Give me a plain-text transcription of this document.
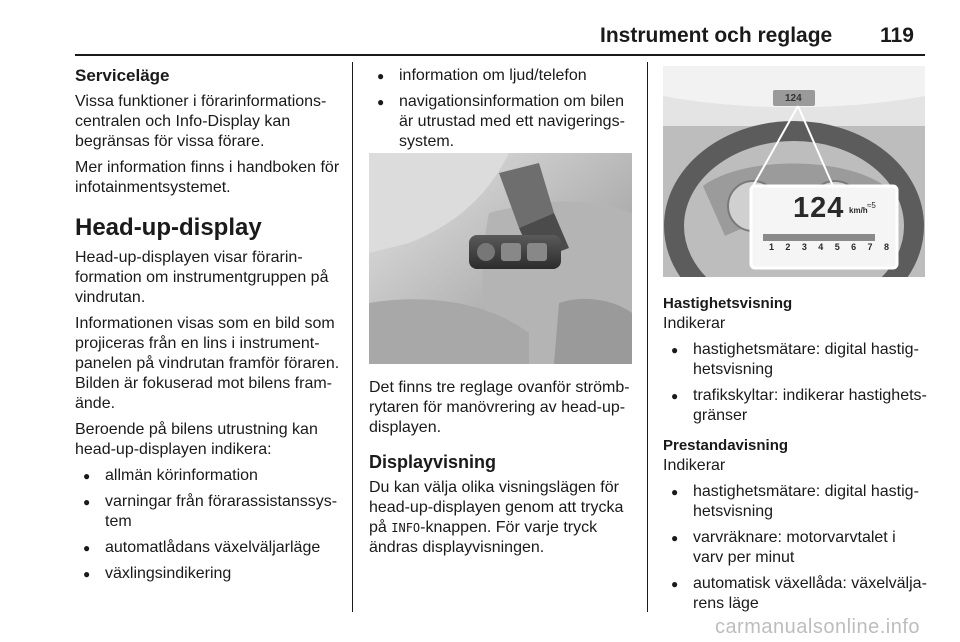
Instrument och reglage 119
Serviceläge

Vissa funktioner i förarinformations-centralen och Info-Display kan begränsas för vissa förare.

Mer information finns i handboken för infotainmentsystemet.

Head-up-display

Head-up-displayen visar förarin-formation om instrumentgruppen på vindrutan.

Informationen visas som en bild som projiceras från en lins i instrument-panelen på vindrutan framför föraren. Bilden är fokuserad mot bilens fram-ände.

Beroende på bilens utrustning kan head-up-displayen indikera:

● allmän körinformation
● varningar från förarassistanssys-tem
● automatlådans växelväljarläge
● växlingsindikering
● information om ljud/telefon
● navigationsinformation om bilen är utrustad med ett navigerings-system.

Det finns tre reglage ovanför strömb-rytaren för manövrering av head-up-displayen.

Displayvisning

Du kan välja olika visningslägen för head-up-displayen genom att trycka på INFO-knappen. För varje tryck ändras displayvisningen.

124
124 km/h
≈5
1 2 3 4 5 6 7 8
Hastighetsvisning

Indikerar

● hastighetsmätare: digital hastig-hetsvisning
● trafikskyltar: indikerar hastighets-gränser
Prestandavisning

Indikerar

● hastighetsmätare: digital hastig-hetsvisning
● varvräknare: motorvarvtalet i varv per minut
● automatisk växellåda: växelvälja-rens läge
carmanualsonline.info
